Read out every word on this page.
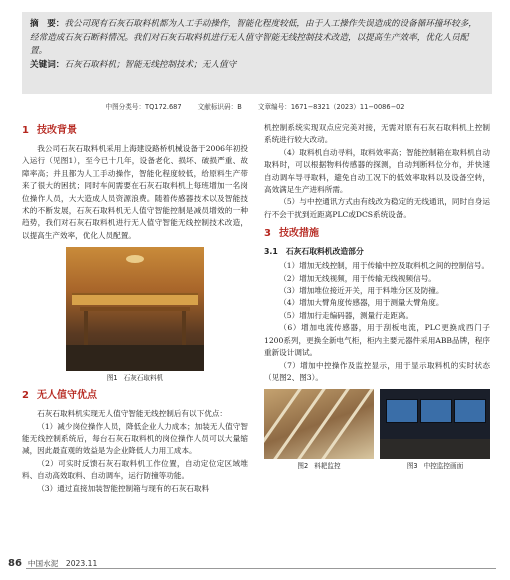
摘　要：我公司现有石灰石取料机都为人工手动操作，智能化程度较低，由于人工操作失误造成的设备循环撞坏较多，经常造成石灰石断料情况。我们对石灰石取料机进行无人值守智能无线控制技术改造，以提高生产效率，优化人员配置。

关键词：石灰石取料机；智能无线控制技术；无人值守

中图分类号：TQ172.687 文献标识码：B 文章编号：1671−8321（2023）11−0086−02
1 技改背景

我公司石灰石取料机采用上海建设路桥机械设备于2006年初投入运行（见图1），至今已十几年，设备老化、损坏、破损严重、故障率高；并且都为人工手动操作，智能化程度较低，给原料生产带来了很大的困扰；同时车间需要在石灰石取料机上每班增加一名岗位操作人员，大大造成人员资源浪费。随着传感器技术以及智能技术的不断发展，石灰石取料机无人值守智能控制是减员增效的一种趋势，我们对石灰石取料机进行无人值守智能无线控制技术改造，以提高生产效率，优化人员配置。

图1 石灰石取料机
2 无人值守优点

石灰石取料机实现无人值守智能无线控制后有以下优点：

（1）减少岗位操作人员，降低企业人力成本；加装无人值守智能无线控制系统后，每台石灰石取料机的岗位操作人员可以大量缩减，因此最直观的效益是为企业降低人力用工成本。

（2）可实时反馈石灰石取料机工作位置，自动定位定区域堆料、自动高效取料、自动调车，运行防撞等功能。

（3）通过直接加装智能控制箱与现有的石灰石取料

机控制系统实现双点应完美对接，无需对原有石灰石取料机上控制系统进行较大改动。

（4）取料机自动寻料，取料效率高；智能控制箱在取料机自动取料时，可以根据物料传感器的探测，自动判断料位分布，并快速自动调车导寻取料，避免自动工况下的低效率取料以及设备空转，高效满足生产进料所需。

（5）与中控通讯方式由有线改为稳定的无线通讯，同时自身运行不会干扰到近距离PLC或DCS系统设备。

3 技改措施
3.1 石灰石取料机改造部分

（1）增加无线控制，用于传输中控及取料机之间的控制信号。

（2）增加无线视频，用于传输无线视频信号。

（3）增加堆位接近开关，用于料堆分区及防撞。

（4）增加大臂角度传感器，用于测量大臂角度。

（5）增加行走编码器，测量行走距离。

（6）增加电流传感器，用于刮板电流，PLC更换成西门子1200系列，更换全新电气柜，柜内主要元器件采用ABB品牌，程序重新设计调试。

（7）增加中控操作及监控显示，用于显示取料机的实时状态（见图2、图3）。

图2 料耙监控	图3 中控监控画面
86 中国水泥　2023.11
